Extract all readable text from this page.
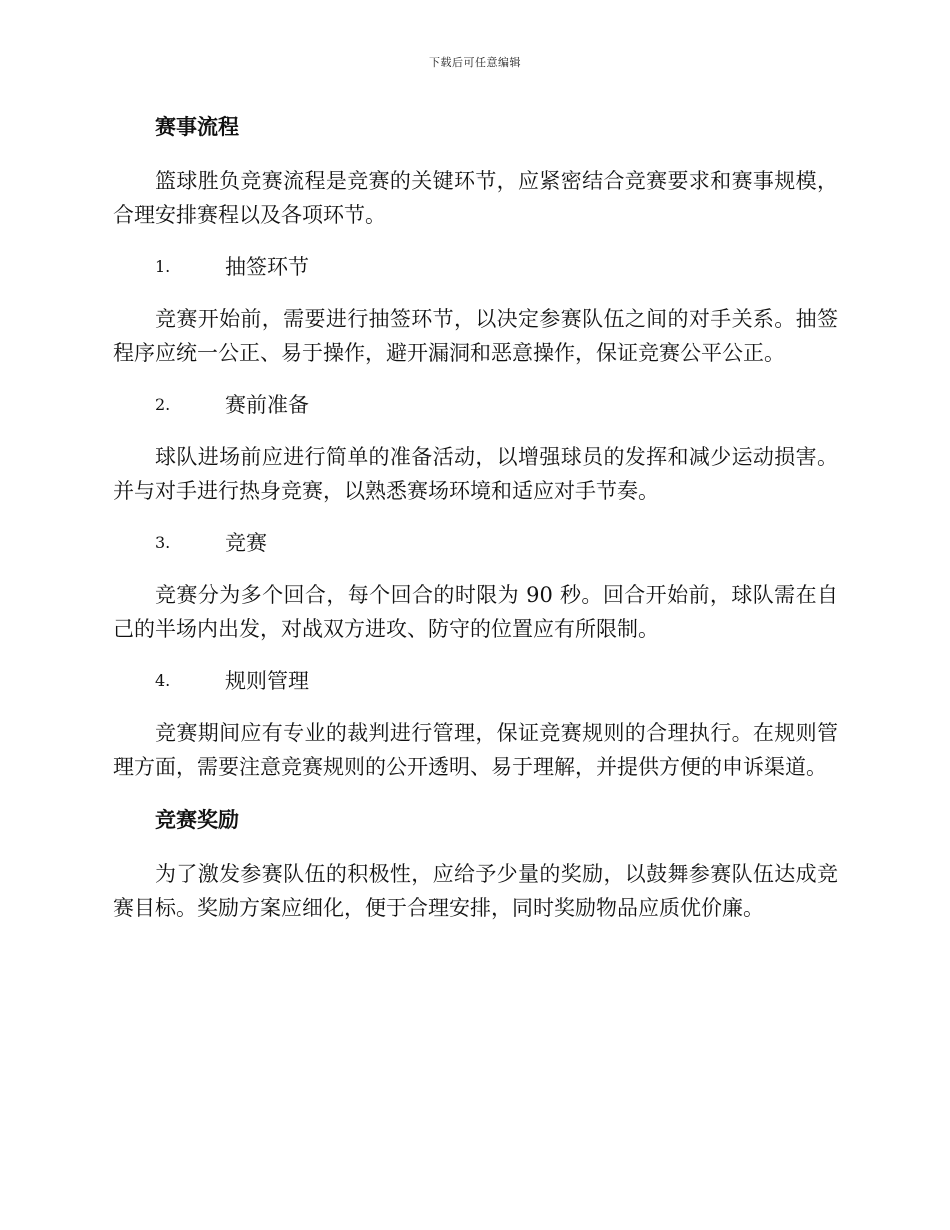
下载后可任意编辑
赛事流程

篮球胜负竞赛流程是竞赛的关键环节，应紧密结合竞赛要求和赛事规模，合理安排赛程以及各项环节。

1.	抽签环节

竞赛开始前，需要进行抽签环节，以决定参赛队伍之间的对手关系。抽签程序应统一公正、易于操作，避开漏洞和恶意操作，保证竞赛公平公正。

2.	赛前准备

球队进场前应进行简单的准备活动，以增强球员的发挥和减少运动损害。并与对手进行热身竞赛，以熟悉赛场环境和适应对手节奏。

3.	竞赛

竞赛分为多个回合，每个回合的时限为 90 秒。回合开始前，球队需在自己的半场内出发，对战双方进攻、防守的位置应有所限制。

4.	规则管理

竞赛期间应有专业的裁判进行管理，保证竞赛规则的合理执行。在规则管理方面，需要注意竞赛规则的公开透明、易于理解，并提供方便的申诉渠道。

竞赛奖励

为了激发参赛队伍的积极性，应给予少量的奖励，以鼓舞参赛队伍达成竞赛目标。奖励方案应细化，便于合理安排，同时奖励物品应质优价廉。
